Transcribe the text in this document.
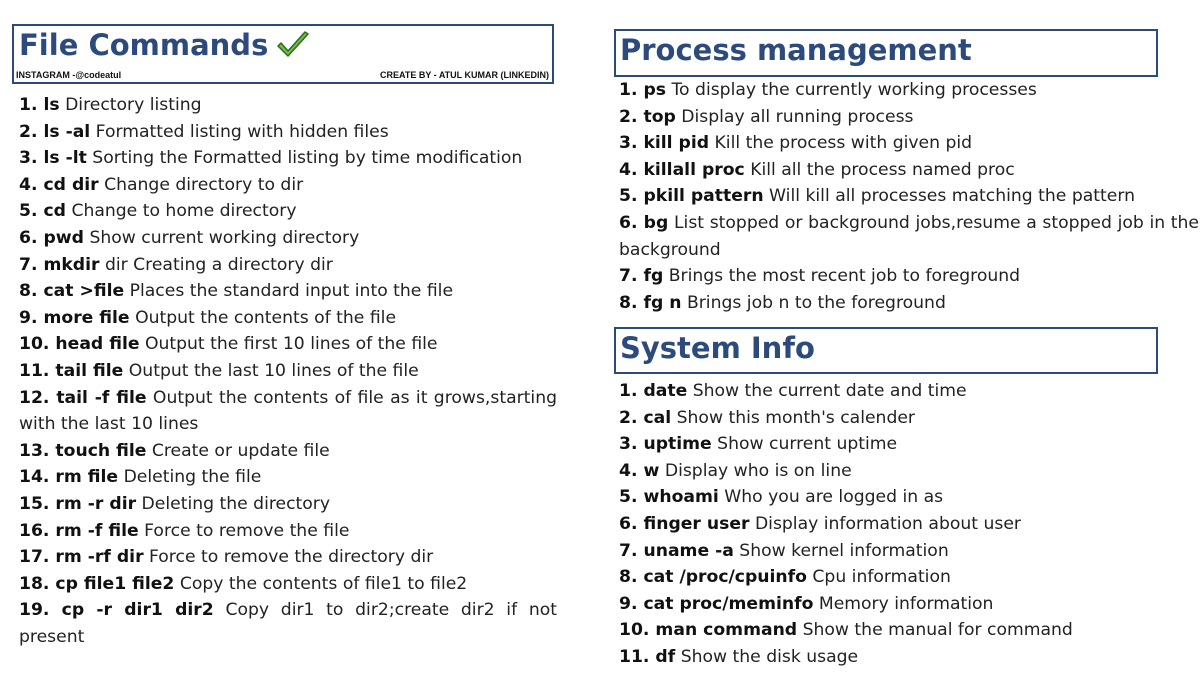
File Commands
INSTAGRAM -@codeatul	CREATE BY - ATUL KUMAR (LINKEDIN)
1. ls Directory listing
2. ls -al Formatted listing with hidden files
3. ls -lt Sorting the Formatted listing by time modification
4. cd dir Change directory to dir
5. cd Change to home directory
6. pwd Show current working directory
7. mkdir dir Creating a directory dir
8. cat >file Places the standard input into the file
9. more file Output the contents of the file
10. head file Output the first 10 lines of the file
11. tail file Output the last 10 lines of the file
12. tail -f file Output the contents of file as it grows,starting with the last 10 lines
13. touch file Create or update file
14. rm file Deleting the file
15. rm -r dir Deleting the directory
16. rm -f file Force to remove the file
17. rm -rf dir Force to remove the directory dir
18. cp file1 file2 Copy the contents of file1 to file2
19. cp -r dir1 dir2 Copy dir1 to dir2;create dir2 if not present
Process management
1. ps To display the currently working processes
2. top Display all running process
3. kill pid Kill the process with given pid
4. killall proc Kill all the process named proc
5. pkill pattern Will kill all processes matching the pattern
6. bg List stopped or background jobs,resume a stopped job in the background
7. fg Brings the most recent job to foreground
8. fg n Brings job n to the foreground
System Info
1. date Show the current date and time
2. cal Show this month's calender
3. uptime Show current uptime
4. w Display who is on line
5. whoami Who you are logged in as
6. finger user Display information about user
7. uname -a Show kernel information
8. cat /proc/cpuinfo Cpu information
9. cat proc/meminfo Memory information
10. man command Show the manual for command
11. df Show the disk usage
